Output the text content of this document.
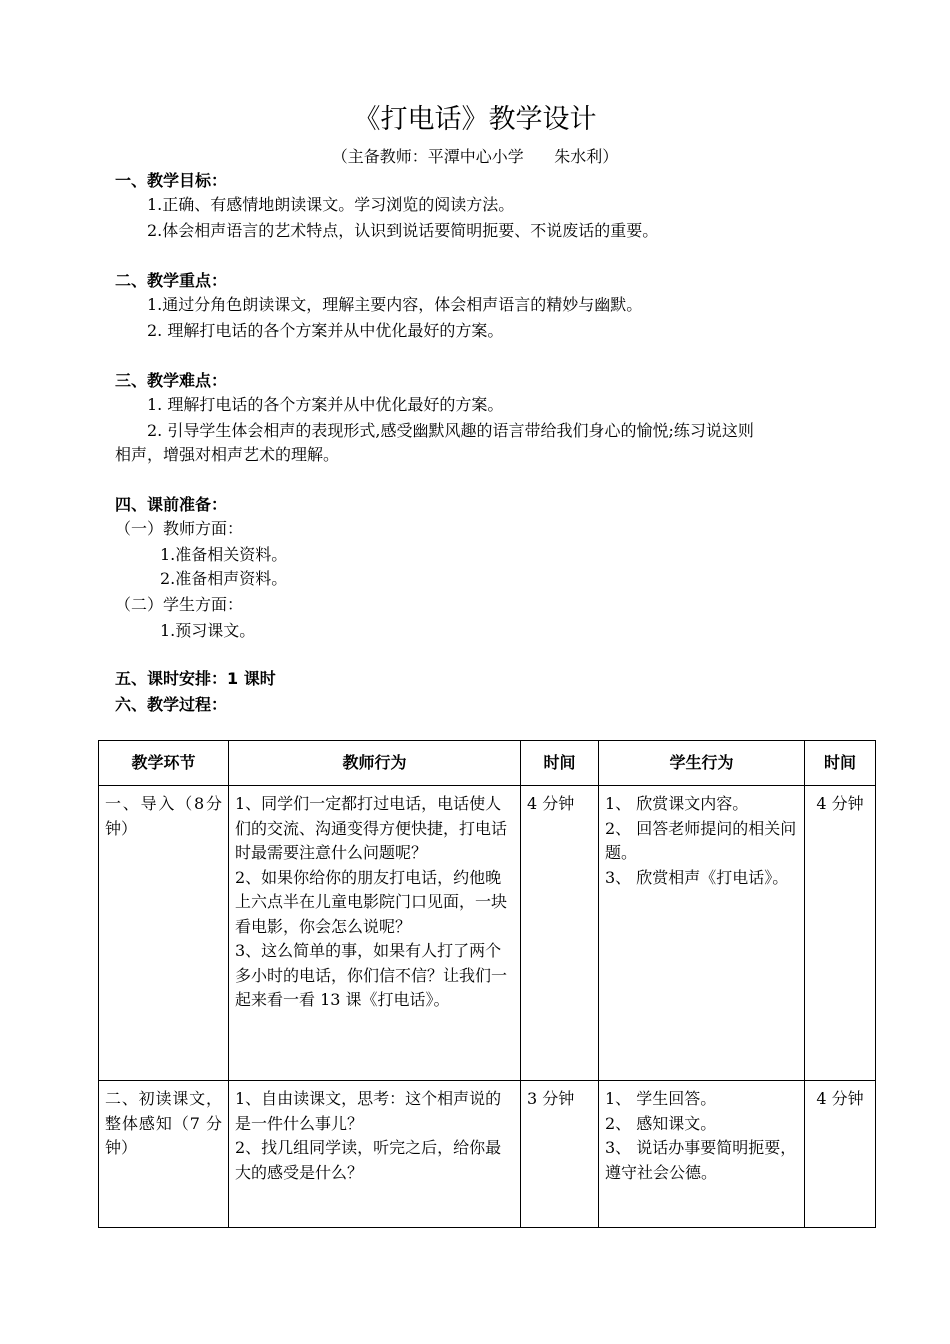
《打电话》教学设计
（主备教师：平潭中心小学      朱水利）
一、教学目标：
1.正确、有感情地朗读课文。学习浏览的阅读方法。
2.体会相声语言的艺术特点，认识到说话要简明扼要、不说废话的重要。
二、教学重点：
1.通过分角色朗读课文，理解主要内容，体会相声语言的精妙与幽默。
2. 理解打电话的各个方案并从中优化最好的方案。
三、教学难点：
1. 理解打电话的各个方案并从中优化最好的方案。
2. 引导学生体会相声的表现形式,感受幽默风趣的语言带给我们身心的愉悦;练习说这则
相声，增强对相声艺术的理解。
四、课前准备：
（一）教师方面：
1.准备相关资料。
2.准备相声资料。
（二）学生方面：
1.预习课文。
五、课时安排：1 课时
六、教学过程：
教学环节	教师行为	时间	学生行为	时间
一、导入（8分钟）	1、同学们一定都打过电话，电话使人们的交流、沟通变得方便快捷，打电话时最需要注意什么问题呢？
2、如果你给你的朋友打电话，约他晚上六点半在儿童电影院门口见面，一块看电影，你会怎么说呢？
3、这么简单的事，如果有人打了两个多小时的电话，你们信不信？让我们一起来看一看 13 课《打电话》。	4 分钟	1、 欣赏课文内容。
2、 回答老师提问的相关问题。
3、 欣赏相声《打电话》。	4 分钟
二、初读课文，整体感知（7 分钟）	1、自由读课文，思考：这个相声说的是一件什么事儿？
2、找几组同学读，听完之后，给你最大的感受是什么？	3 分钟	1、 学生回答。
2、 感知课文。
3、 说话办事要简明扼要，遵守社会公德。	4 分钟
